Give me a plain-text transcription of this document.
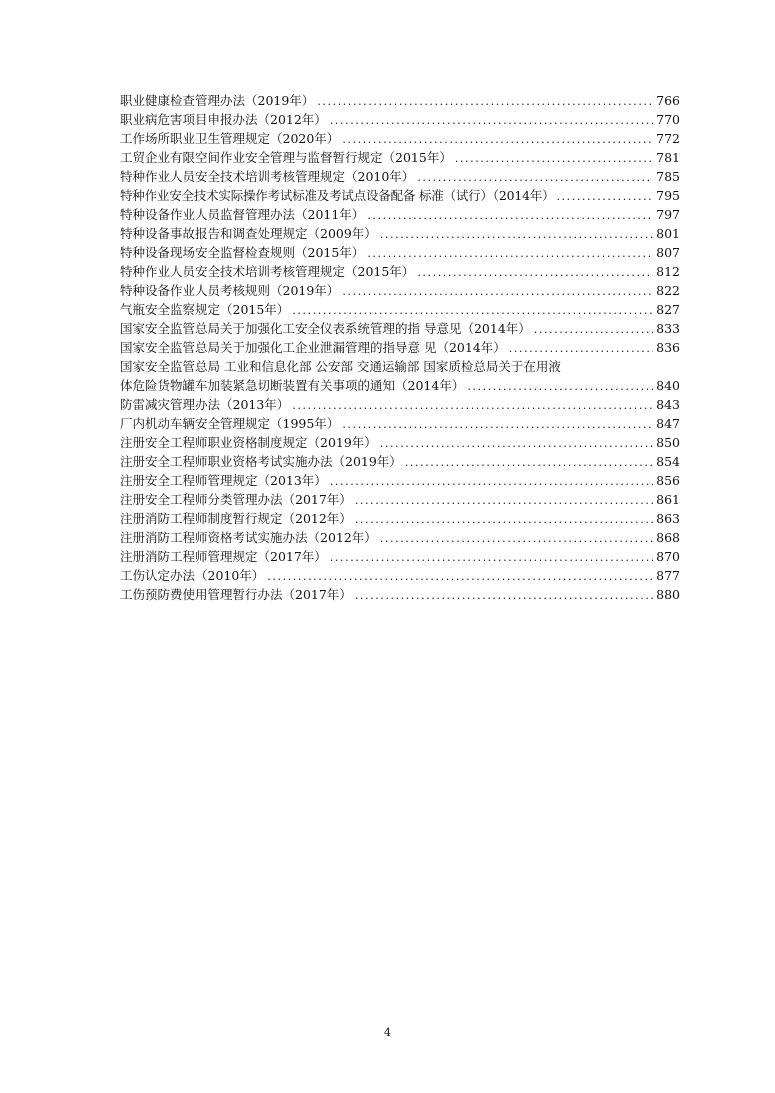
职业健康检查管理办法（2019年） .....	766
职业病危害项目申报办法（2012年） .....	770
工作场所职业卫生管理规定（2020年） .....	772
工贸企业有限空间作业安全管理与监督暂行规定（2015年） .....	781
特种作业人员安全技术培训考核管理规定（2010年） .....	785
特种作业安全技术实际操作考试标准及考试点设备配备 标准（试行）（2014年） .....	795
特种设备作业人员监督管理办法（2011年） .....	797
特种设备事故报告和调查处理规定（2009年） .....	801
特种设备现场安全监督检查规则（2015年） .....	807
特种作业人员安全技术培训考核管理规定（2015年） .....	812
特种设备作业人员考核规则（2019年） .....	822
气瓶安全监察规定（2015年） .....	827
国家安全监管总局关于加强化工安全仪表系统管理的指 导意见（2014年） .....	833
国家安全监管总局关于加强化工企业泄漏管理的指导意 见（2014年） .....	836
国家安全监管总局 工业和信息化部 公安部 交通运输部 国家质检总局关于在用液
体危险货物罐车加装紧急切断装置有关事项的通知（2014年） .....	840
防雷减灾管理办法（2013年） .....	843
厂内机动车辆安全管理规定（1995年） .....	847
注册安全工程师职业资格制度规定（2019年） .....	850
注册安全工程师职业资格考试实施办法（2019年） .....	854
注册安全工程师管理规定（2013年） .....	856
注册安全工程师分类管理办法（2017年） .....	861
注册消防工程师制度暂行规定（2012年） .....	863
注册消防工程师资格考试实施办法（2012年） .....	868
注册消防工程师管理规定（2017年） .....	870
工伤认定办法（2010年） .....	877
工伤预防费使用管理暂行办法（2017年） .....	880
4
